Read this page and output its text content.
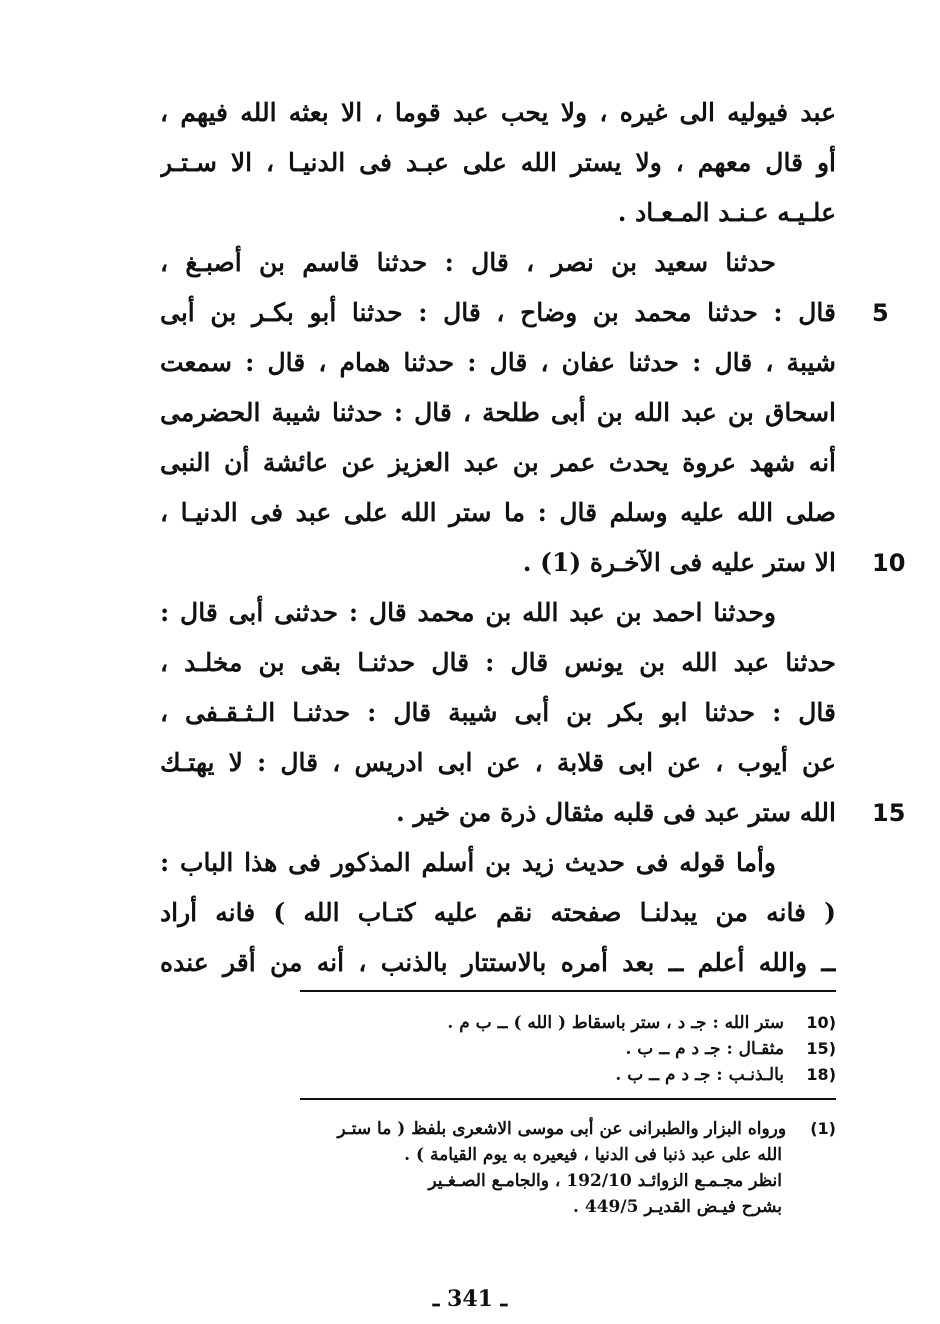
عبد فيوليه الى غيره ، ولا يحب عبد قوما ، الا بعثه الله فيهم ،
أو قال معهم ، ولا يستر الله على عبـد فى الدنيـا ، الا سـتـر
علـيـه عـنـد المـعـاد .
حدثنا سعيد بن نصر ، قال : حدثنا قاسم بن أصبـغ ،
قال : حدثنا محمد بن وضاح ، قال : حدثنا أبو بكـر بن أبى
شيبة ، قال : حدثنا عفان ، قال : حدثنا همام ، قال : سمعت
اسحاق بن عبد الله بن أبى طلحة ، قال : حدثنا شيبة الحضرمى
أنه شهد عروة يحدث عمر بن عبد العزيز عن عائشة أن النبى
صلى الله عليه وسلم قال : ما ستر الله على عبد فى الدنيـا ،
الا ستر عليه فى الآخـرة (1) .
وحدثنا احمد بن عبد الله بن محمد قال : حدثنى أبى قال :
حدثنا عبد الله بن يونس قال : قال حدثنـا بقى بن مخلـد ،
قال : حدثنا ابو بكر بن أبى شيبة قال : حدثنـا الـثـقـفى ،
عن أيوب ، عن ابى قلابة ، عن ابى ادريس ، قال : لا يهتـك
الله ستر عبد فى قلبه مثقال ذرة من خير .
وأما قوله فى حديث زيد بن أسلم المذكور فى هذا الباب :
( فانه من يبدلنـا صفحته نقم عليه كتـاب الله ) فانه أراد
ــ والله أعلم ــ بعد أمره بالاستتار بالذنب ، أنه من أقر عنده
5
10
15
10)ستر الله : جـ د ، ستر باسقاط ( الله ) ــ ب م .
15)مثقـال : جـ د م ــ ب .
18)بالـذنـب : جـ د م ــ ب .
(1) ورواه البزار والطبرانى عن أبى موسى الاشعرى بلفظ ( ما ستـر
الله على عبد ذنبا فى الدنيا ، فيعيره به يوم القيامة ) .
انظر مجـمـع الزوائـد 192/10 ، والجامـع الصـغـير
بشرح فيـض القديـر 449/5 .
ـ 341 ـ
